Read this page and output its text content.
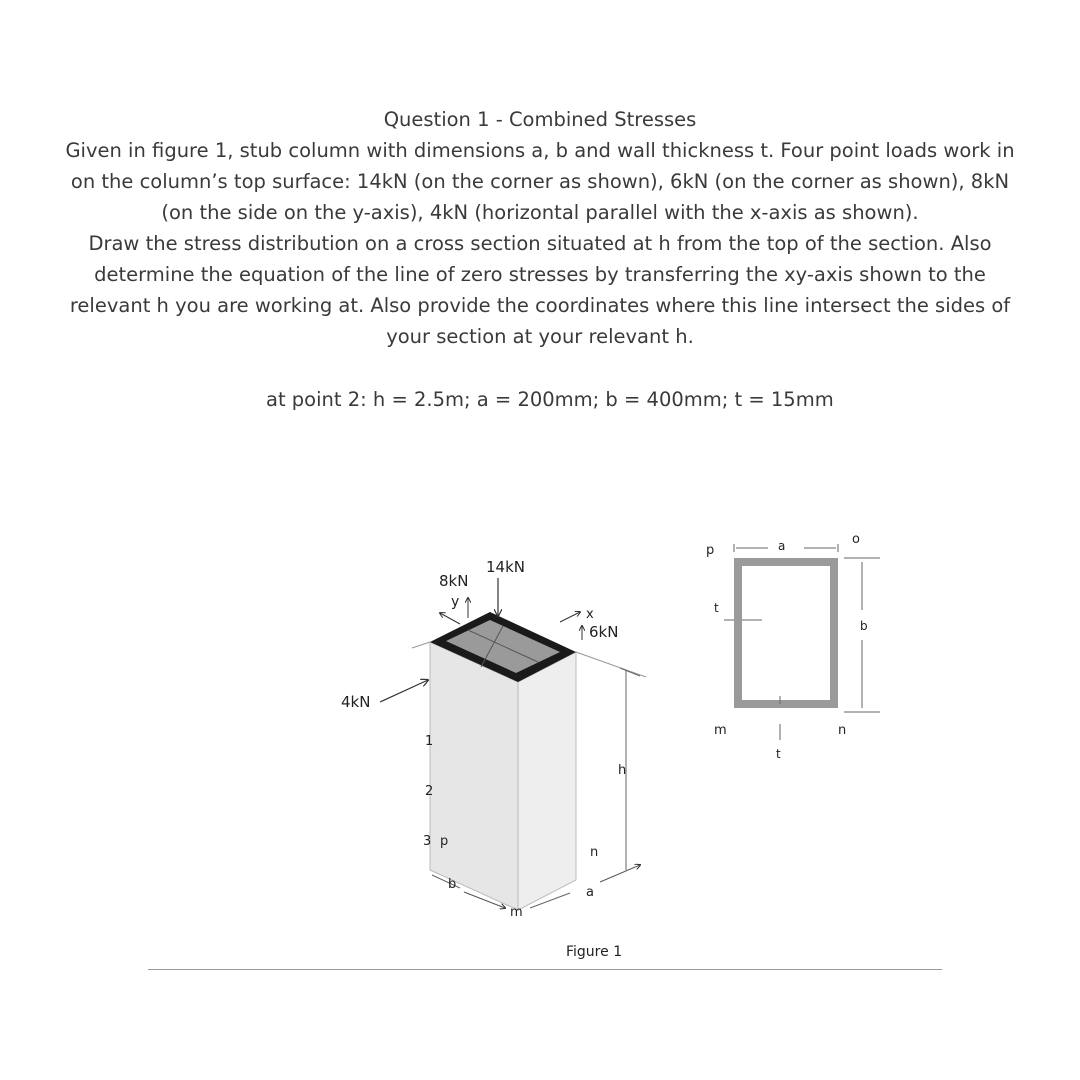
Question 1 - Combined Stresses
Given in figure 1, stub column with dimensions a, b and wall thickness t. Four point loads work in
on the column’s top surface: 14kN (on the corner as shown), 6kN (on the corner as shown), 8kN
(on the side on the y-axis), 4kN (horizontal parallel with the x-axis as shown).
Draw the stress distribution on a cross section situated at h from the top of the section. Also
determine the equation of the line of zero stresses by transferring the xy-axis shown to the
relevant h you are working at. Also provide the coordinates where this line intersect the sides of
your section at your relevant h.
at point 2: h = 2.5m; a = 200mm; b = 400mm; t = 15mm
14kN
8kN
y
x
6kN
4kN
1
2
3 p
n
m
h
b
a
Figure 1
a
p
o
b
t
t
m	n
